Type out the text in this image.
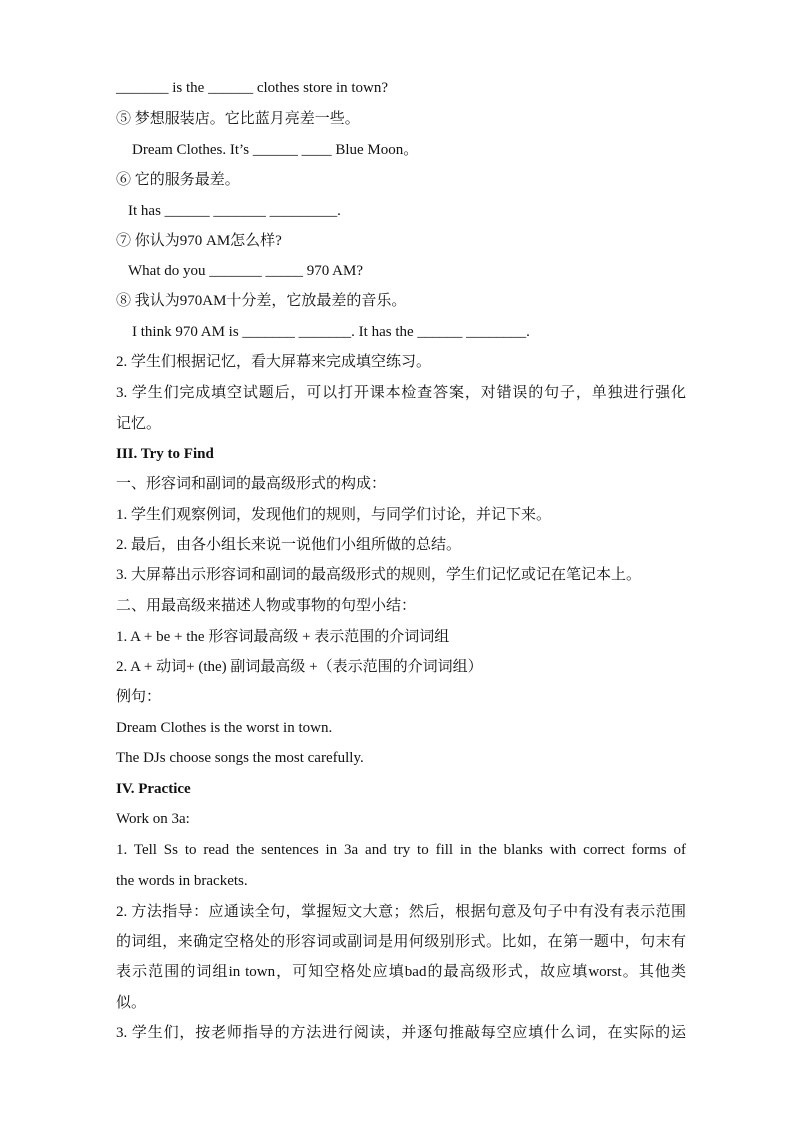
_______ is the ______ clothes store in town?
⑤ 梦想服装店。它比蓝月亮差一些。
Dream Clothes. It’s ______ ____ Blue Moon。
⑥ 它的服务最差。
It has ______ _______ _________.
⑦ 你认为970 AM怎么样?
What do you _______ _____ 970 AM?
⑧ 我认为970AM十分差，它放最差的音乐。
I think 970 AM is _______ _______. It has the ______ ________.
2. 学生们根据记忆，看大屏幕来完成填空练习。
3. 学生们完成填空试题后，可以打开课本检查答案，对错误的句子，单独进行强化
记忆。
III. Try to Find
一、形容词和副词的最高级形式的构成：
1. 学生们观察例词，发现他们的规则，与同学们讨论，并记下来。
2. 最后，由各小组长来说一说他们小组所做的总结。
3. 大屏幕出示形容词和副词的最高级形式的规则，学生们记忆或记在笔记本上。
二、用最高级来描述人物或事物的句型小结：
1. A + be + the 形容词最高级 + 表示范围的介词词组
2. A + 动词+ (the) 副词最高级 +（表示范围的介词词组）
例句：
Dream Clothes is the worst in town.
The DJs choose songs the most carefully.
IV. Practice
Work on 3a:
1. Tell Ss to read the sentences in 3a and try to fill in the blanks with correct forms of
the words in brackets.
2. 方法指导：应通读全句，掌握短文大意；然后，根据句意及句子中有没有表示范围
的词组，来确定空格处的形容词或副词是用何级别形式。比如，在第一题中，句末有
表示范围的词组in town，可知空格处应填bad的最高级形式，故应填worst。其他类
似。
3. 学生们，按老师指导的方法进行阅读，并逐句推敲每空应填什么词，在实际的运
